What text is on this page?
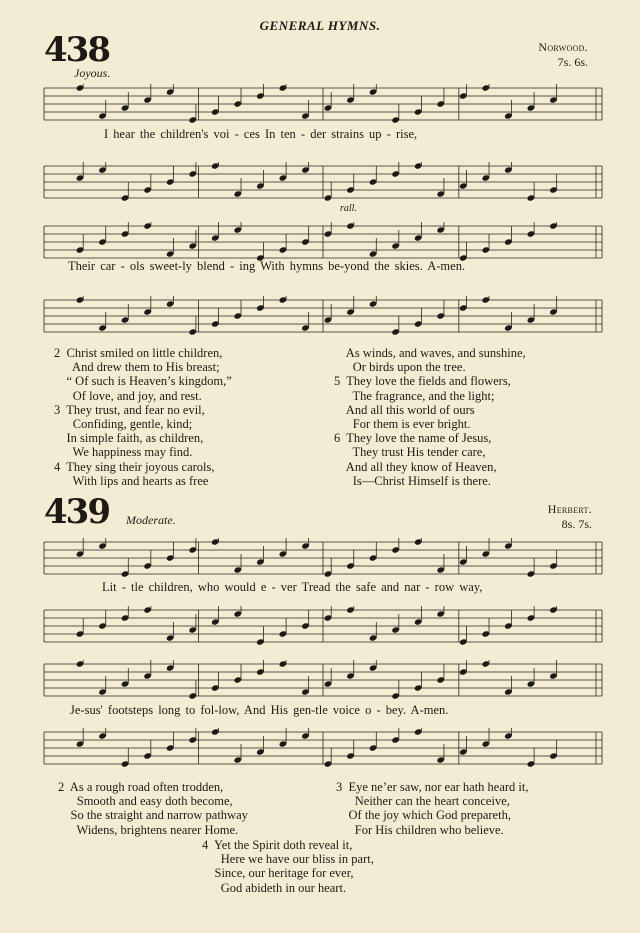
GENERAL HYMNS.
438	Norwood.
7s. 6s.
Joyous.
I hear the children's voi - ces In ten - der strains up - rise,
rall.
Their car - ols sweet-ly blend - ing With hymns be-yond the skies. A-men.
2  Christ smiled on little children,
And drew them to His breast;
“ Of such is Heaven’s kingdom,”
Of love, and joy, and rest.
3  They trust, and fear no evil,
Confiding, gentle, kind;
In simple faith, as children,
We happiness may find.
4  They sing their joyous carols,
With lips and hearts as free
As winds, and waves, and sunshine,
Or birds upon the tree.
5  They love the fields and flowers,
The fragrance, and the light;
And all this world of ours
For them is ever bright.
6  They love the name of Jesus,
They trust His tender care,
And all they know of Heaven,
Is—Christ Himself is there.
439	Herbert.
8s. 7s.
Moderate.
Lit - tle children, who would e - ver Tread the safe and nar - row way,
Je-sus' footsteps long to fol-low, And His gen-tle voice o - bey. A-men.
2  As a rough road often trodden,
Smooth and easy doth become,
So the straight and narrow pathway
Widens, brightens nearer Home.
3  Eye ne’er saw, nor ear hath heard it,
Neither can the heart conceive,
Of the joy which God prepareth,
For His children who believe.
4  Yet the Spirit doth reveal it,
Here we have our bliss in part,
Since, our heritage for ever,
God abideth in our heart.
